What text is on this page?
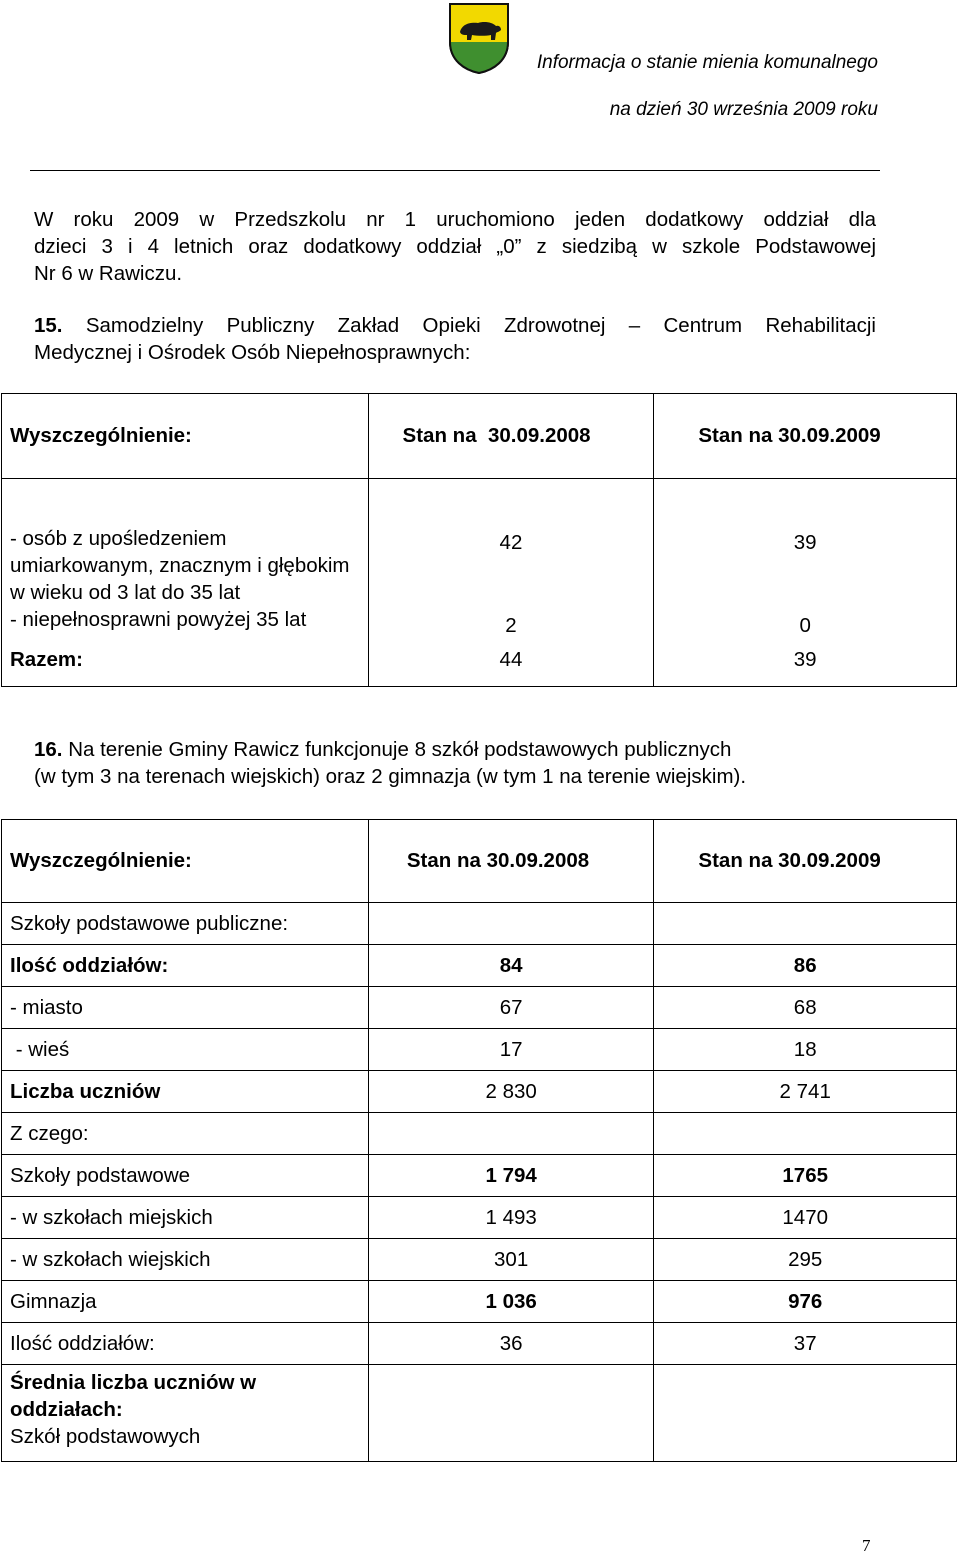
Informacja o stanie mienia komunalnego
na dzień 30 września 2009 roku
W roku 2009 w Przedszkolu nr 1 uruchomiono jeden dodatkowy oddział dla
dzieci 3 i 4 letnich oraz dodatkowy oddział „0” z siedzibą w szkole Podstawowej
Nr 6 w Rawiczu.
15. Samodzielny Publiczny Zakład Opieki Zdrowotnej – Centrum Rehabilitacji
Medycznej i Ośrodek Osób Niepełnosprawnych:
Wyszczególnienie:	Stan na  30.09.2008	Stan na 30.09.2009

- osób z upośledzeniem umiarkowanym, znacznym i głębokim w wieku od 3 lat do 35 lat	42	39
- niepełnosprawni powyżej 35 lat	2	0
Razem:	44	39
16. Na terenie Gminy Rawicz funkcjonuje 8 szkół podstawowych publicznych
(w tym 3 na terenach wiejskich) oraz 2 gimnazja (w tym 1 na terenie wiejskim).
Wyszczególnienie:	Stan na 30.09.2008	Stan na 30.09.2009
Szkoły podstawowe publiczne:		
Ilość oddziałów:	84	86
- miasto	67	68
- wieś	17	18
Liczba uczniów	2 830	2 741
Z czego:		
Szkoły podstawowe	1 794	1765
- w szkołach miejskich	1 493	1470
- w szkołach wiejskich	301	295
Gimnazja	1 036	976
Ilość oddziałów:	36	37

Średnia liczba uczniów w oddziałach:
Szkół podstawowych		

7
